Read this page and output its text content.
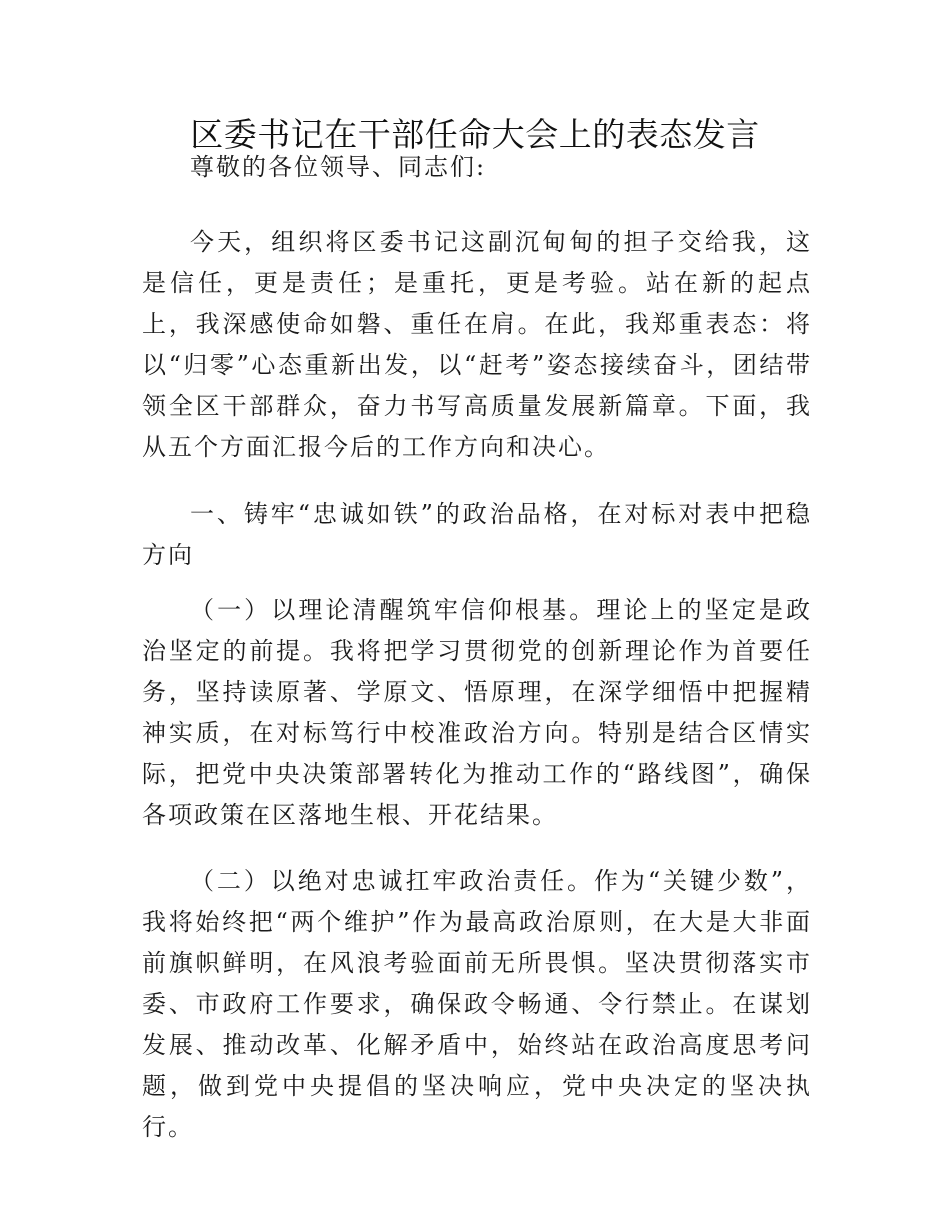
区委书记在干部任命大会上的表态发言

尊敬的各位领导、同志们:

今天，组织将区委书记这副沉甸甸的担子交给我，这是信任，更是责任；是重托，更是考验。站在新的起点上，我深感使命如磐、重任在肩。在此，我郑重表态：将以“归零”心态重新出发，以“赶考”姿态接续奋斗，团结带领全区干部群众，奋力书写高质量发展新篇章。下面，我从五个方面汇报今后的工作方向和决心。

一、铸牢“忠诚如铁”的政治品格，在对标对表中把稳方向

（一）以理论清醒筑牢信仰根基。理论上的坚定是政治坚定的前提。我将把学习贯彻党的创新理论作为首要任务，坚持读原著、学原文、悟原理，在深学细悟中把握精神实质，在对标笃行中校准政治方向。特别是结合区情实际，把党中央决策部署转化为推动工作的“路线图”，确保各项政策在区落地生根、开花结果。

（二）以绝对忠诚扛牢政治责任。作为“关键少数”，我将始终把“两个维护”作为最高政治原则，在大是大非面前旗帜鲜明，在风浪考验面前无所畏惧。坚决贯彻落实市委、市政府工作要求，确保政令畅通、令行禁止。在谋划发展、推动改革、化解矛盾中，始终站在政治高度思考问题，做到党中央提倡的坚决响应，党中央决定的坚决执行。
